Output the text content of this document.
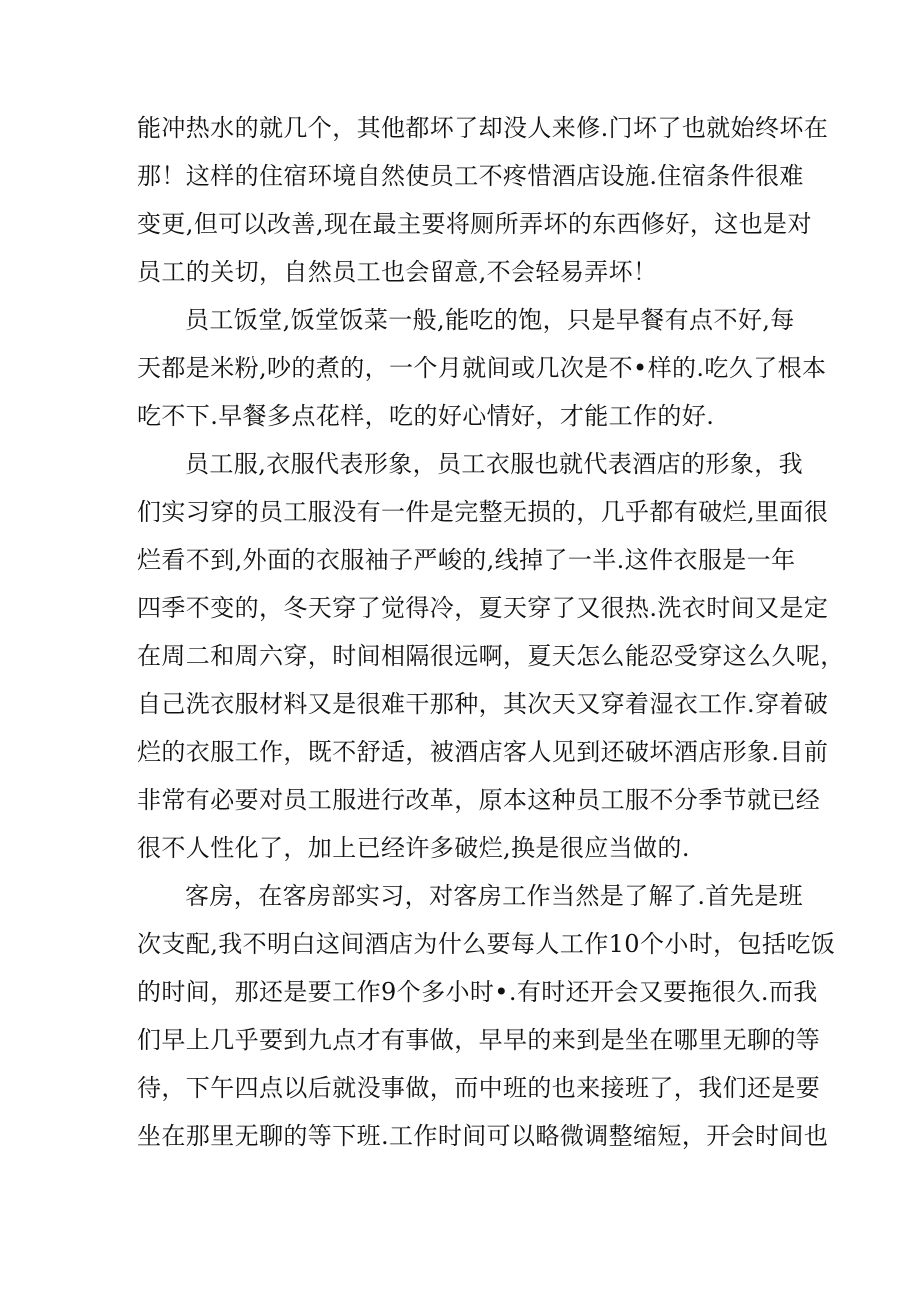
能冲热水的就几个，其他都坏了却没人来修.门坏了也就始终坏在
那！这样的住宿环境自然使员工不疼惜酒店设施.住宿条件很难
变更,但可以改善,现在最主要将厕所弄坏的东西修好，这也是对
员工的关切，自然员工也会留意,不会轻易弄坏！
员工饭堂,饭堂饭菜一般,能吃的饱，只是早餐有点不好,每
天都是米粉,吵的煮的，一个月就间或几次是不•样的.吃久了根本
吃不下.早餐多点花样，吃的好心情好，才能工作的好.
员工服,衣服代表形象，员工衣服也就代表酒店的形象，我
们实习穿的员工服没有一件是完整无损的，几乎都有破烂,里面很
烂看不到,外面的衣服袖子严峻的,线掉了一半.这件衣服是一年
四季不变的，冬天穿了觉得冷，夏天穿了又很热.洗衣时间又是定
在周二和周六穿，时间相隔很远啊，夏天怎么能忍受穿这么久呢，
自己洗衣服材料又是很难干那种，其次天又穿着湿衣工作.穿着破
烂的衣服工作，既不舒适，被酒店客人见到还破坏酒店形象.目前
非常有必要对员工服进行改革，原本这种员工服不分季节就已经
很不人性化了，加上已经许多破烂,换是很应当做的.
客房，在客房部实习，对客房工作当然是了解了.首先是班
次支配,我不明白这间酒店为什么要每人工作10个小时，包括吃饭
的时间，那还是要工作9个多小时•.有时还开会又要拖很久.而我
们早上几乎要到九点才有事做，早早的来到是坐在哪里无聊的等
待，下午四点以后就没事做，而中班的也来接班了，我们还是要
坐在那里无聊的等下班.工作时间可以略微调整缩短，开会时间也
